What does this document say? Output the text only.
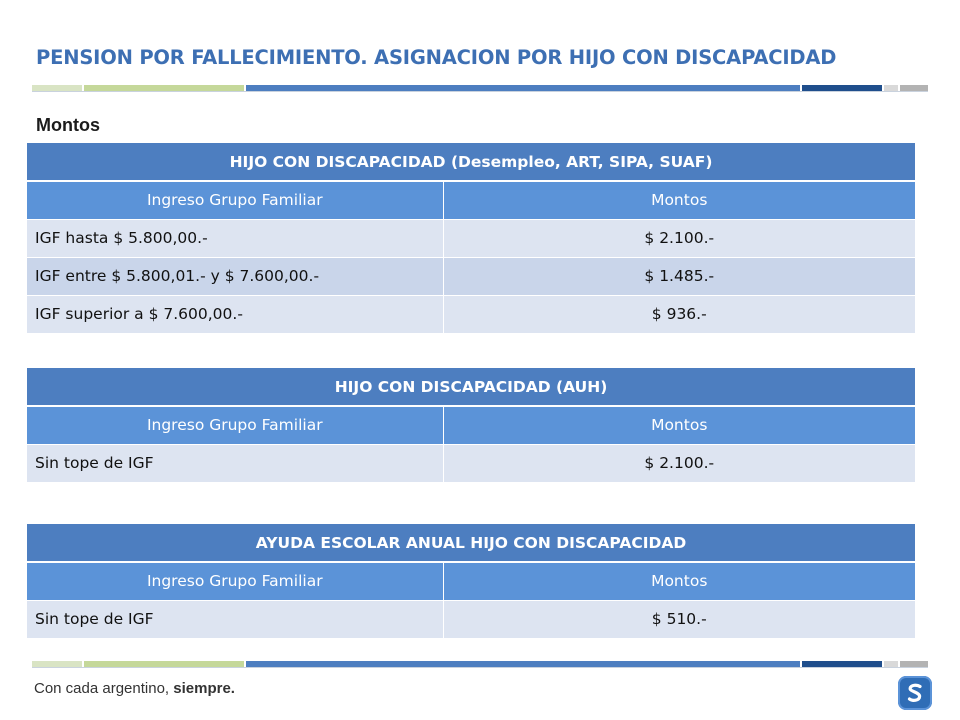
PENSION POR FALLECIMIENTO. ASIGNACION POR HIJO CON DISCAPACIDAD
Montos
HIJO CON DISCAPACIDAD (Desempleo, ART, SIPA, SUAF)	
Ingreso Grupo Familiar	Montos
IGF hasta $ 5.800,00.-	$ 2.100.-
IGF entre $ 5.800,01.- y $ 7.600,00.-	$ 1.485.-
IGF superior a $ 7.600,00.-	$ 936.-
HIJO CON DISCAPACIDAD (AUH)	
Ingreso Grupo Familiar	Montos
Sin tope de IGF	$ 2.100.-
AYUDA ESCOLAR ANUAL HIJO CON DISCAPACIDAD	
Ingreso Grupo Familiar	Montos
Sin tope de IGF	$ 510.-
Con cada argentino, siempre.
